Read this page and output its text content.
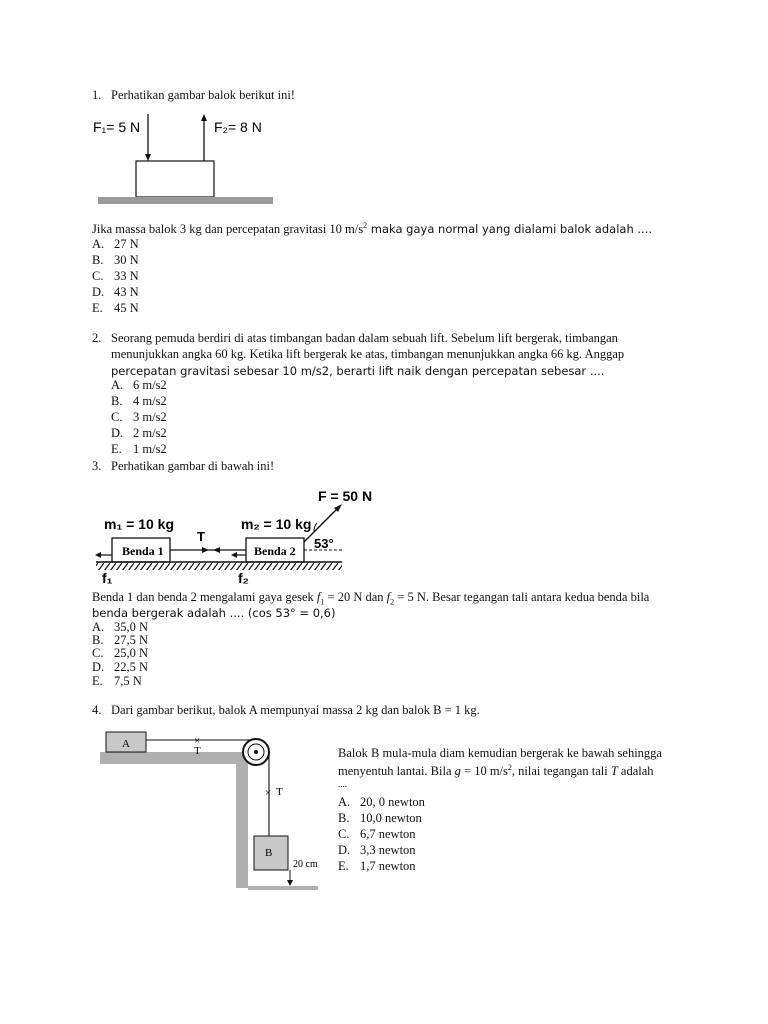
1. Perhatikan gambar balok berikut ini!
F₁= 5 N	F₂= 8 N
Jika massa balok 3 kg dan percepatan gravitasi 10 $m/s^2$ maka gaya normal yang dialami balok adalah ....
A. 27 N
B. 30 N
C. 33 N
D. 43 N
E. 45 N
2. Seorang pemuda berdiri di atas timbangan badan dalam sebuah lift. Sebelum lift bergerak, timbangan
menunjukkan angka 60 kg. Ketika lift bergerak ke atas, timbangan menunjukkan angka 66 kg. Anggap
percepatan gravitasi sebesar 10 m/s2, berarti lift naik dengan percepatan sebesar ....
A. 6 m/s2
B. 4 m/s2
C. 3 m/s2
D. 2 m/s2
E. 1 m/s2
3. Perhatikan gambar di bawah ini!
F = 50 N
m₁ = 10 kg	m₂ = 10 kg
Benda 1	Benda 2
T	53°
f₁	f₂
Benda 1 dan benda 2 mengalami gaya gesek $f_1 = 20$ N dan $f_2 = 5$ N. Besar tegangan tali antara kedua benda bila
benda bergerak adalah .... (cos 53° = 0,6)
A. 35,0 N
B. 27,5 N
C. 25,0 N
D. 22,5 N
E. 7,5 N
4. Dari gambar berikut, balok A mempunyai massa 2 kg dan balok B = 1 kg.
A	×
T
× T
B
20 cm
Balok B mula-mula diam kemudian bergerak ke bawah sehingga
menyentuh lantai. Bila g = 10 $m/s^2$, nilai tegangan tali T adalah
....
A. 20, 0 newton
B. 10,0 newton
C. 6,7 newton
D. 3,3 newton
E. 1,7 newton
